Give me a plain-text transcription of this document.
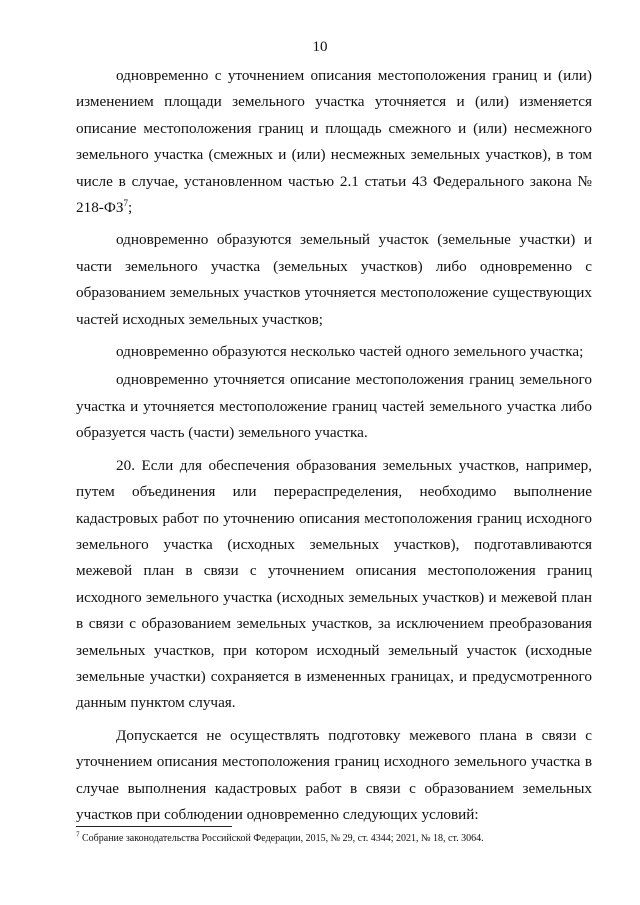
10

одновременно с уточнением описания местоположения границ и (или) изменением площади земельного участка уточняется и (или) изменяется описание местоположения границ и площадь смежного и (или) несмежного земельного участка (смежных и (или) несмежных земельных участков), в том числе в случае, установленном частью 2.1 статьи 43 Федерального закона № $218-ФЗ^7$;

одновременно образуются земельный участок (земельные участки) и части земельного участка (земельных участков) либо одновременно с образованием земельных участков уточняется местоположение существующих частей исходных земельных участков;

одновременно образуются несколько частей одного земельного участка;

одновременно уточняется описание местоположения границ земельного участка и уточняется местоположение границ частей земельного участка либо образуется часть (части) земельного участка.

20. Если для обеспечения образования земельных участков, например, путем объединения или перераспределения, необходимо выполнение кадастровых работ по уточнению описания местоположения границ исходного земельного участка (исходных земельных участков), подготавливаются межевой план в связи с уточнением описания местоположения границ исходного земельного участка (исходных земельных участков) и межевой план в связи с образованием земельных участков, за исключением преобразования земельных участков, при котором исходный земельный участок (исходные земельные участки) сохраняется в измененных границах, и предусмотренного данным пунктом случая.

Допускается не осуществлять подготовку межевого плана в связи с уточнением описания местоположения границ исходного земельного участка в случае выполнения кадастровых работ в связи с образованием земельных участков при соблюдении одновременно следующих условий:

$^7$ Собрание законодательства Российской Федерации, 2015, № 29, ст. 4344; 2021, № 18, ст. 3064.
